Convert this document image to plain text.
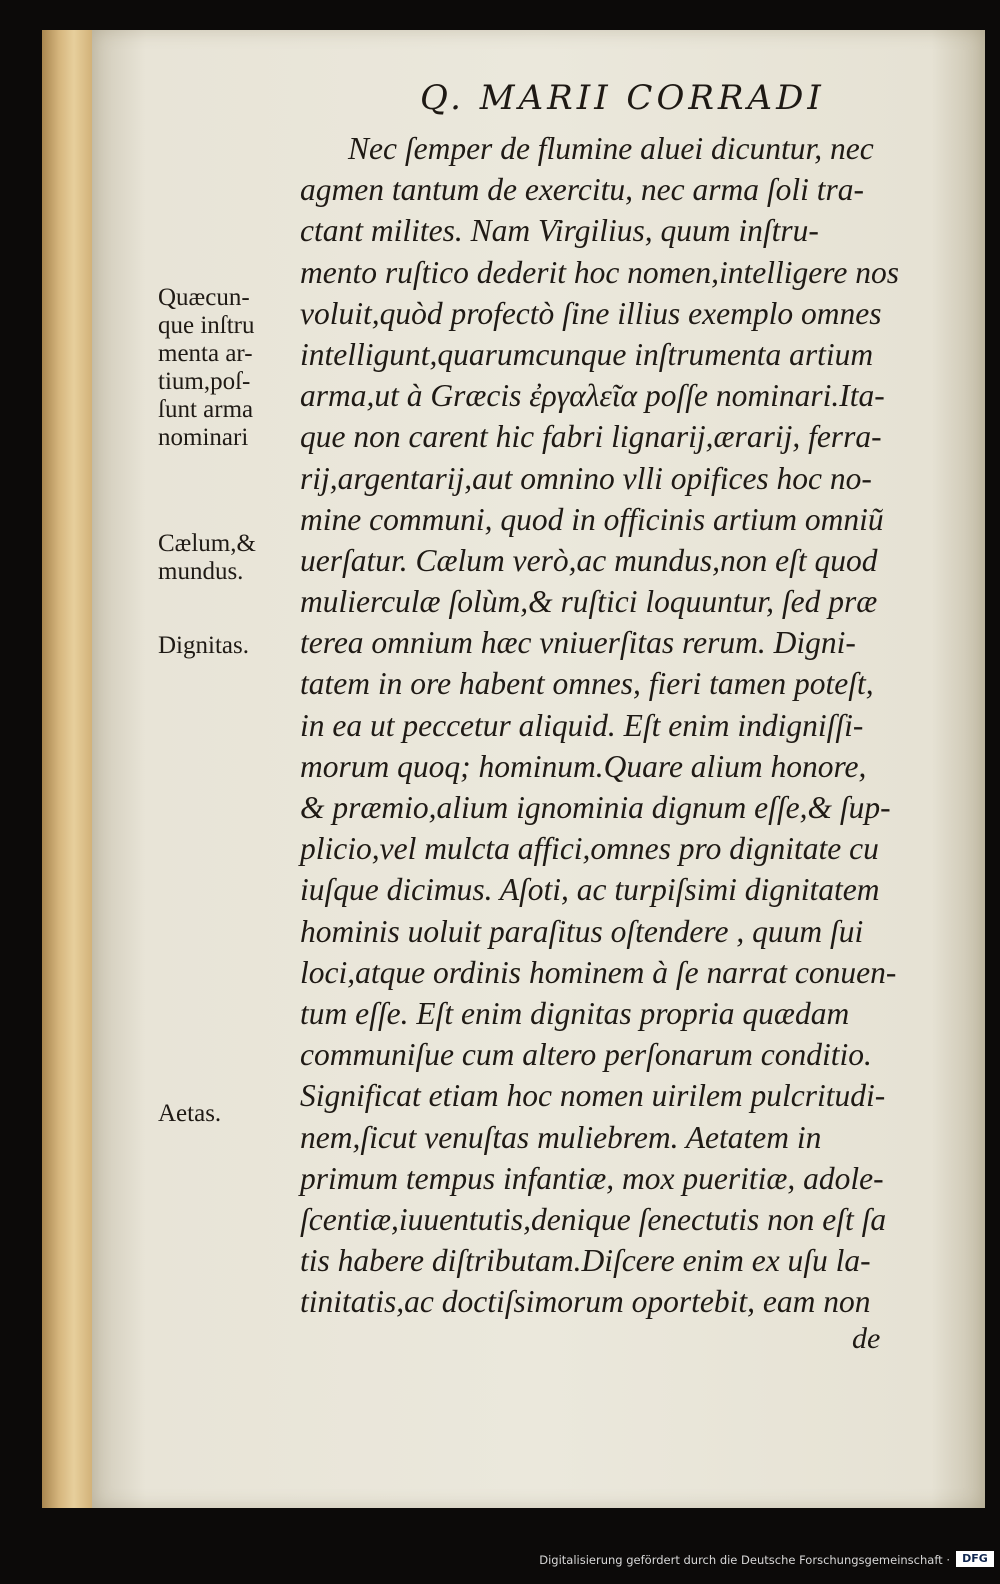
Q. MARII CORRADI
Nec ſemper de flumine aluei dicuntur, nec
agmen tantum de exercitu, nec arma ſoli tra-
ctant milites. Nam Virgilius, quum inſtru-
mento ruſtico dederit hoc nomen,intelligere nos
voluit,quòd profectò ſine illius exemplo omnes
intelligunt,quarumcunque inſtrumenta artium
arma,ut à Græcis ἐργαλεῖα poſſe nominari.Ita-
que non carent hic fabri lignarij,ærarij, ferra-
rij,argentarij,aut omnino vlli opifices hoc no-
mine communi, quod in officinis artium omniũ
uerſatur. Cælum verò,ac mundus,non eſt quod
mulierculæ ſolùm,& ruſtici loquuntur, ſed præ
terea omnium hæc vniuerſitas rerum. Digni-
tatem in ore habent omnes, fieri tamen poteſt,
in ea ut peccetur aliquid. Eſt enim indigniſſi-
morum quoq; hominum.Quare alium honore,
& præmio,alium ignominia dignum eſſe,& ſup-
plicio,vel mulcta affici,omnes pro dignitate cu
iuſque dicimus. Aſoti, ac turpiſsimi dignitatem
hominis uoluit paraſitus oſtendere , quum ſui
loci,atque ordinis hominem à ſe narrat conuen-
tum eſſe. Eſt enim dignitas propria quædam
communiſue cum altero perſonarum conditio.
Significat etiam hoc nomen uirilem pulcritudi-
nem,ſicut venuſtas muliebrem. Aetatem in
primum tempus infantiæ, mox pueritiæ, adole-
ſcentiæ,iuuentutis,denique ſenectutis non eſt ſa
tis habere diſtributam.Diſcere enim ex uſu la-
tinitatis,ac doctiſsimorum oportebit, eam non
Quæcun-
que inſtru
menta ar-
tium,poſ-
ſunt arma
nominari
Cælum,&
mundus.
Dignitas.
Aetas.
de
Digitalisierung gefördert durch die Deutsche Forschungsgemeinschaft ·	DFG
